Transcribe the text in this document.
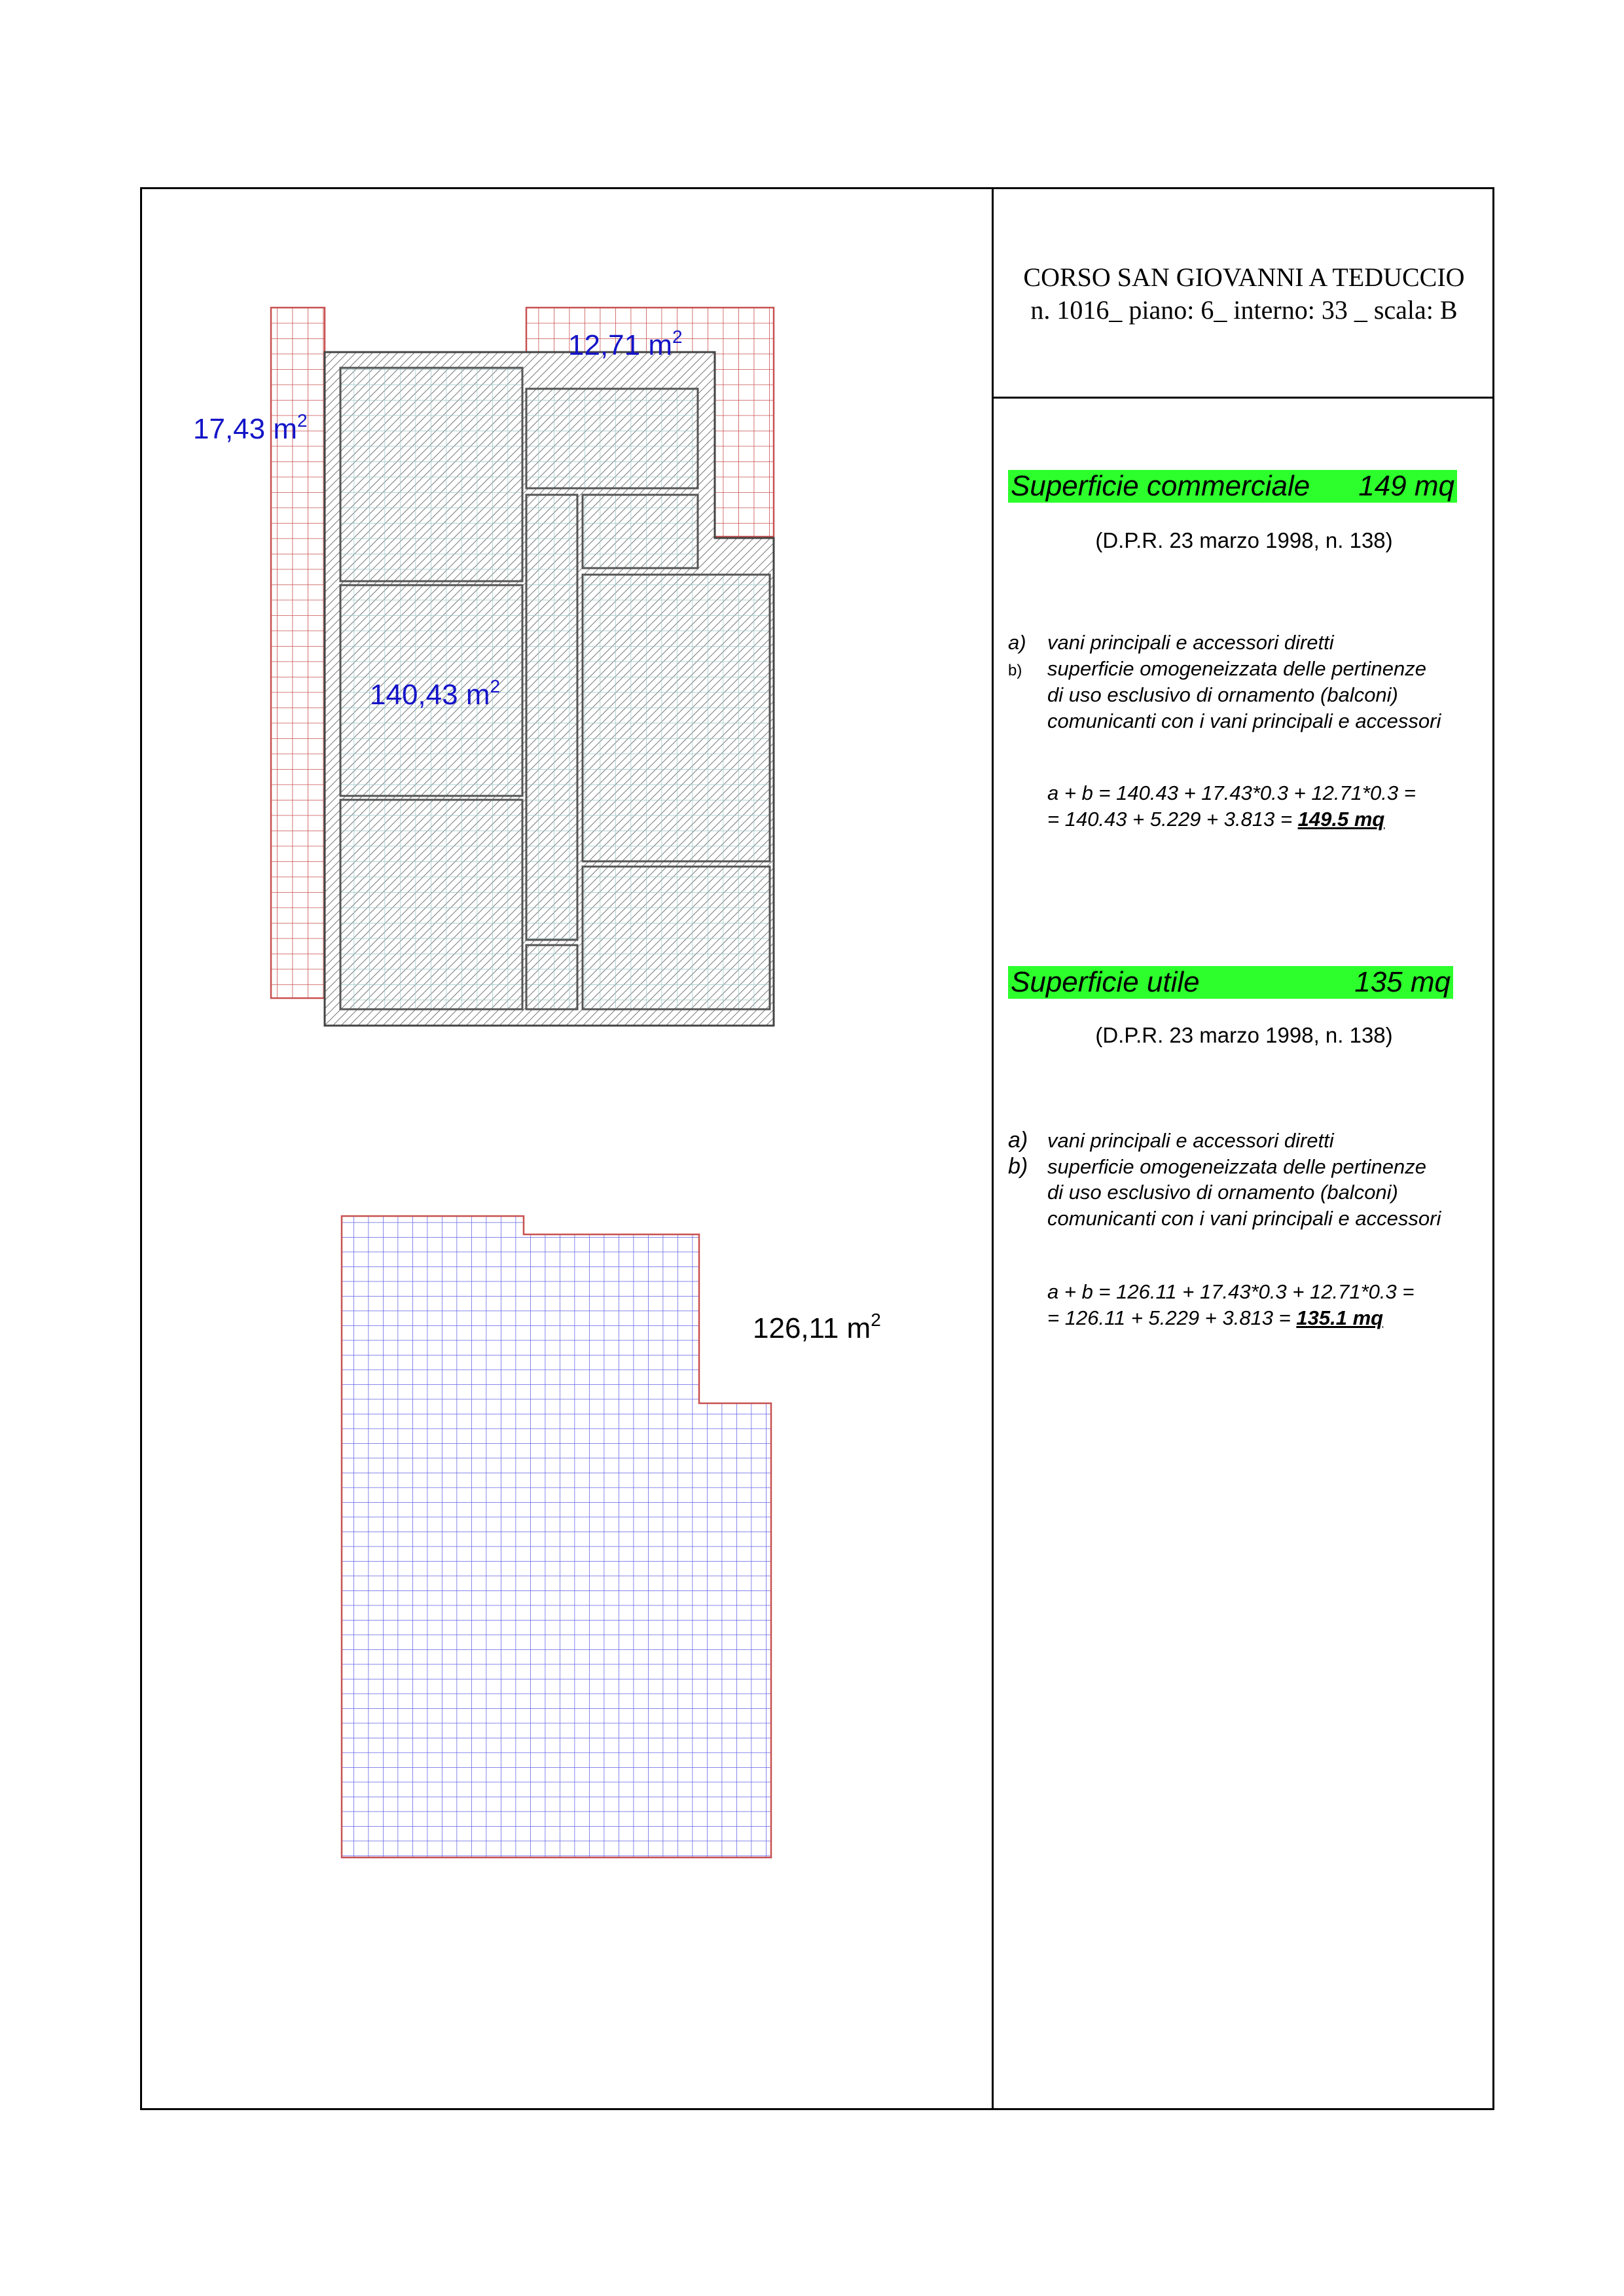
17,43 $m^2$
12,71 $m^2$
140,43 $m^2$
126,11 $m^2$
CORSO SAN GIOVANNI A TEDUCCIO
n. 1016_ piano: 6_ interno: 33 _ scala: B
Superficie commerciale 149 mq
(D.P.R. 23 marzo 1998, n. 138)
a) vani principali e accessori diretti
b) superficie omogeneizzata delle pertinenze
di uso esclusivo di ornamento (balconi)
comunicanti con i vani principali e accessori
a + b = 140.43 + 17.43*0.3 + 12.71*0.3 =
= 140.43 + 5.229 + 3.813 = 149.5 mq
Superficie utile	135 mq
(D.P.R. 23 marzo 1998, n. 138)
a) vani principali e accessori diretti
b) superficie omogeneizzata delle pertinenze
di uso esclusivo di ornamento (balconi)
comunicanti con i vani principali e accessori
a + b = 126.11 + 17.43*0.3 + 12.71*0.3 =
= 126.11 + 5.229 + 3.813 = 135.1 mq
